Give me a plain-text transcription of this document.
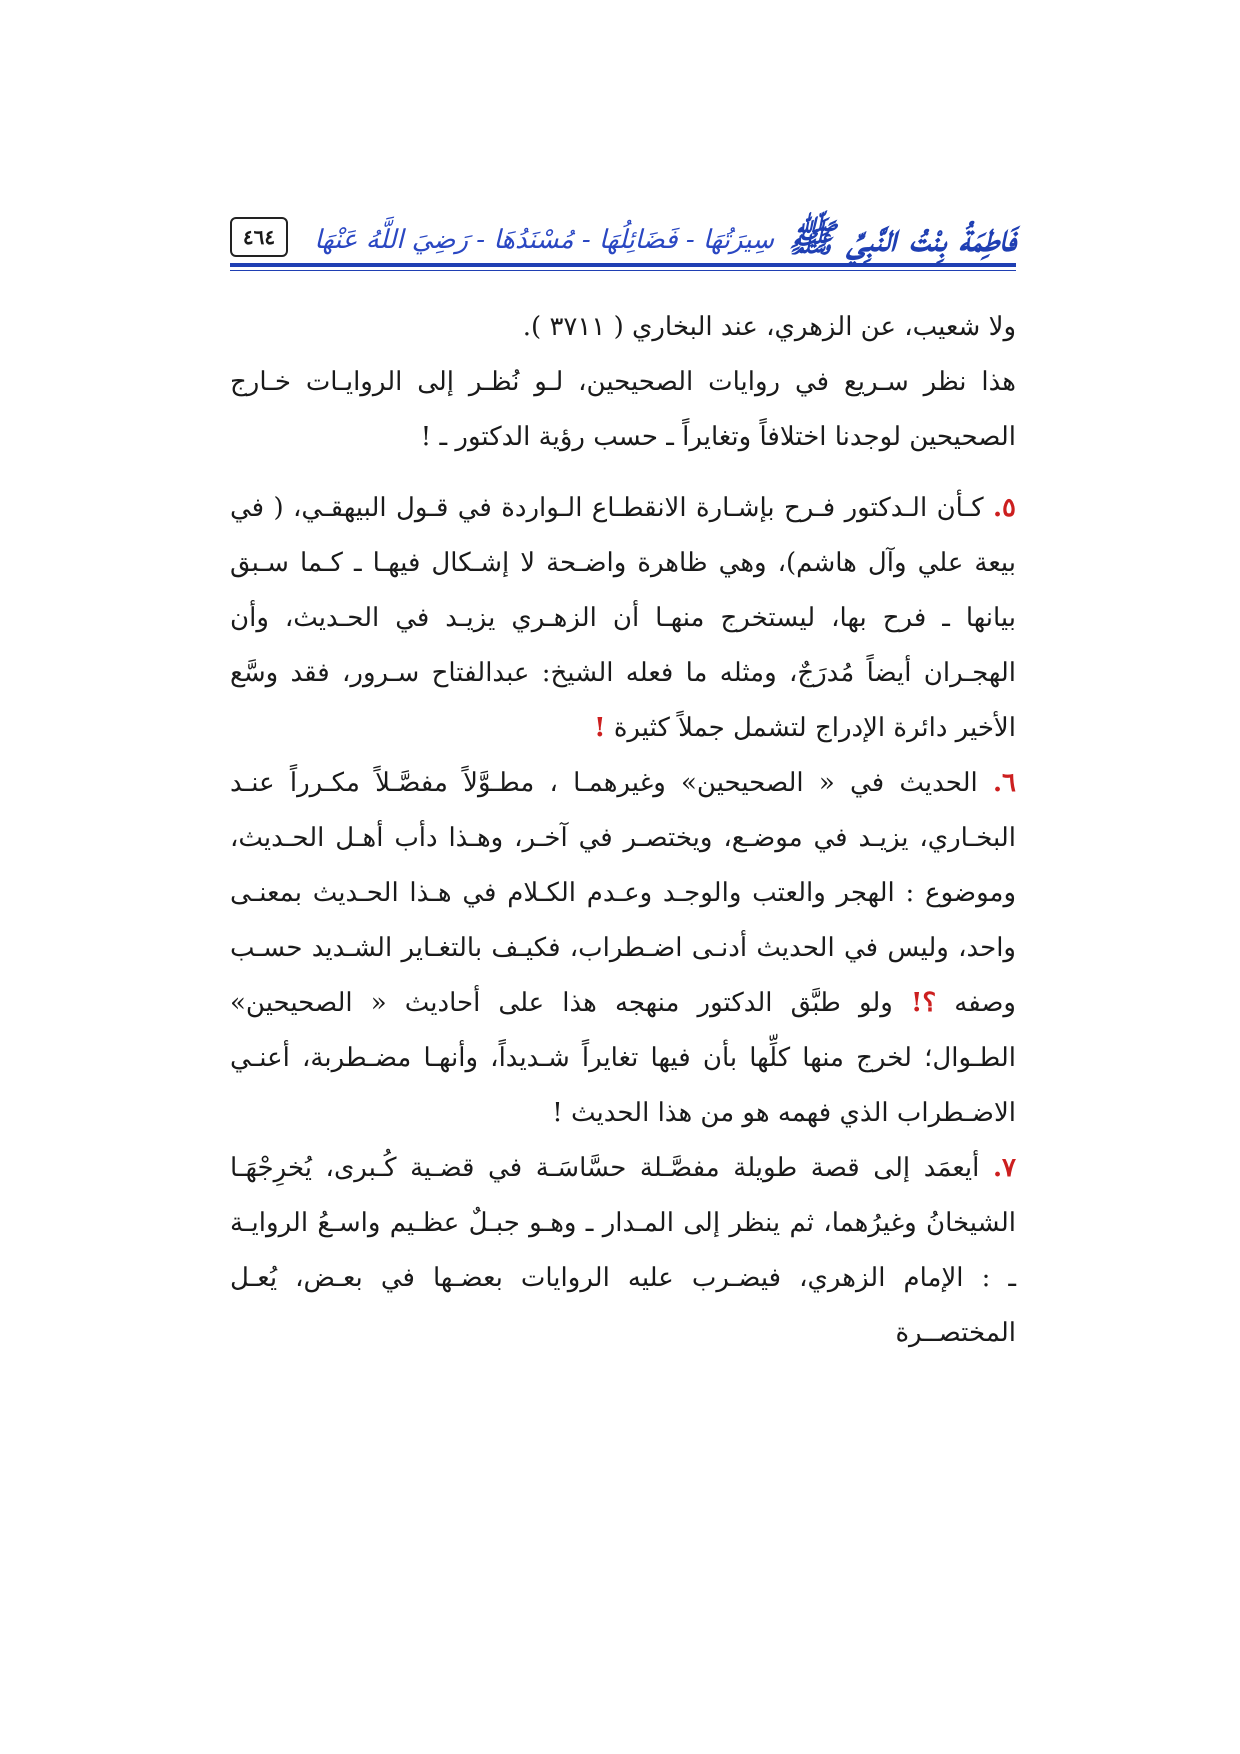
٤٦٤	فَاطِمَةُ بِنْتُ النَّبِيِّ ﷺ
سِيرَتُهَا - فَضَائِلُهَا - مُسْنَدُهَا - رَضِيَ اللَّهُ عَنْهَا

ولا شعيب، عن الزهري، عند البخاري ( ٣٧١١ ).

هذا نظر سـريع في روايات الصحيحين، لـو نُظـر إلى الروايـات خـارج الصحيحين لوجدنا اختلافاً وتغايراً ـ حسب رؤية الدكتور ـ !

٥. كـأن الـدكتور فـرح بإشـارة الانقطـاع الـواردة في قـول البيهقـي، ( في بيعة علي وآل هاشم)، وهي ظاهرة واضـحة لا إشـكال فيهـا ـ كـما سـبق بيانها ـ فرح بها، ليستخرج منهـا أن الزهـري يزيـد في الحـديث، وأن الهجـران أيضاً مُدرَجٌ، ومثله ما فعله الشيخ: عبدالفتاح سـرور، فقد وسَّع الأخير دائرة الإدراج لتشمل جملاً كثيرة !

٦. الحديث في « الصحيحين» وغيرهمـا ، مطـوَّلاً مفصَّـلاً مكـرراً عنـد البخـاري، يزيـد في موضـع، ويختصـر في آخـر، وهـذا دأب أهـل الحـديث، وموضوع : الهجر والعتب والوجـد وعـدم الكـلام في هـذا الحـديث بمعنـى واحد، وليس في الحديث أدنـى اضـطراب، فكيـف بالتغـاير الشـديد حسـب وصفه ؟! ولو طبَّق الدكتور منهجه هذا على أحاديث « الصحيحين» الطـوال؛ لخرج منها كلِّها بأن فيها تغايراً شـديداً، وأنهـا مضـطربة، أعنـي الاضـطراب الذي فهمه هو من هذا الحديث !

٧. أيعمَد إلى قصة طويلة مفصَّـلة حسَّاسَـة في قضـية كُـبرى، يُخرِجْهَـا الشيخانُ وغيرُهما، ثم ينظر إلى المـدار ـ وهـو جبـلٌ عظـيم واسـعُ الروايـة ـ : الإمام الزهري، فيضـرب عليه الروايات بعضـها في بعـض، يُعـل المختصــرة
